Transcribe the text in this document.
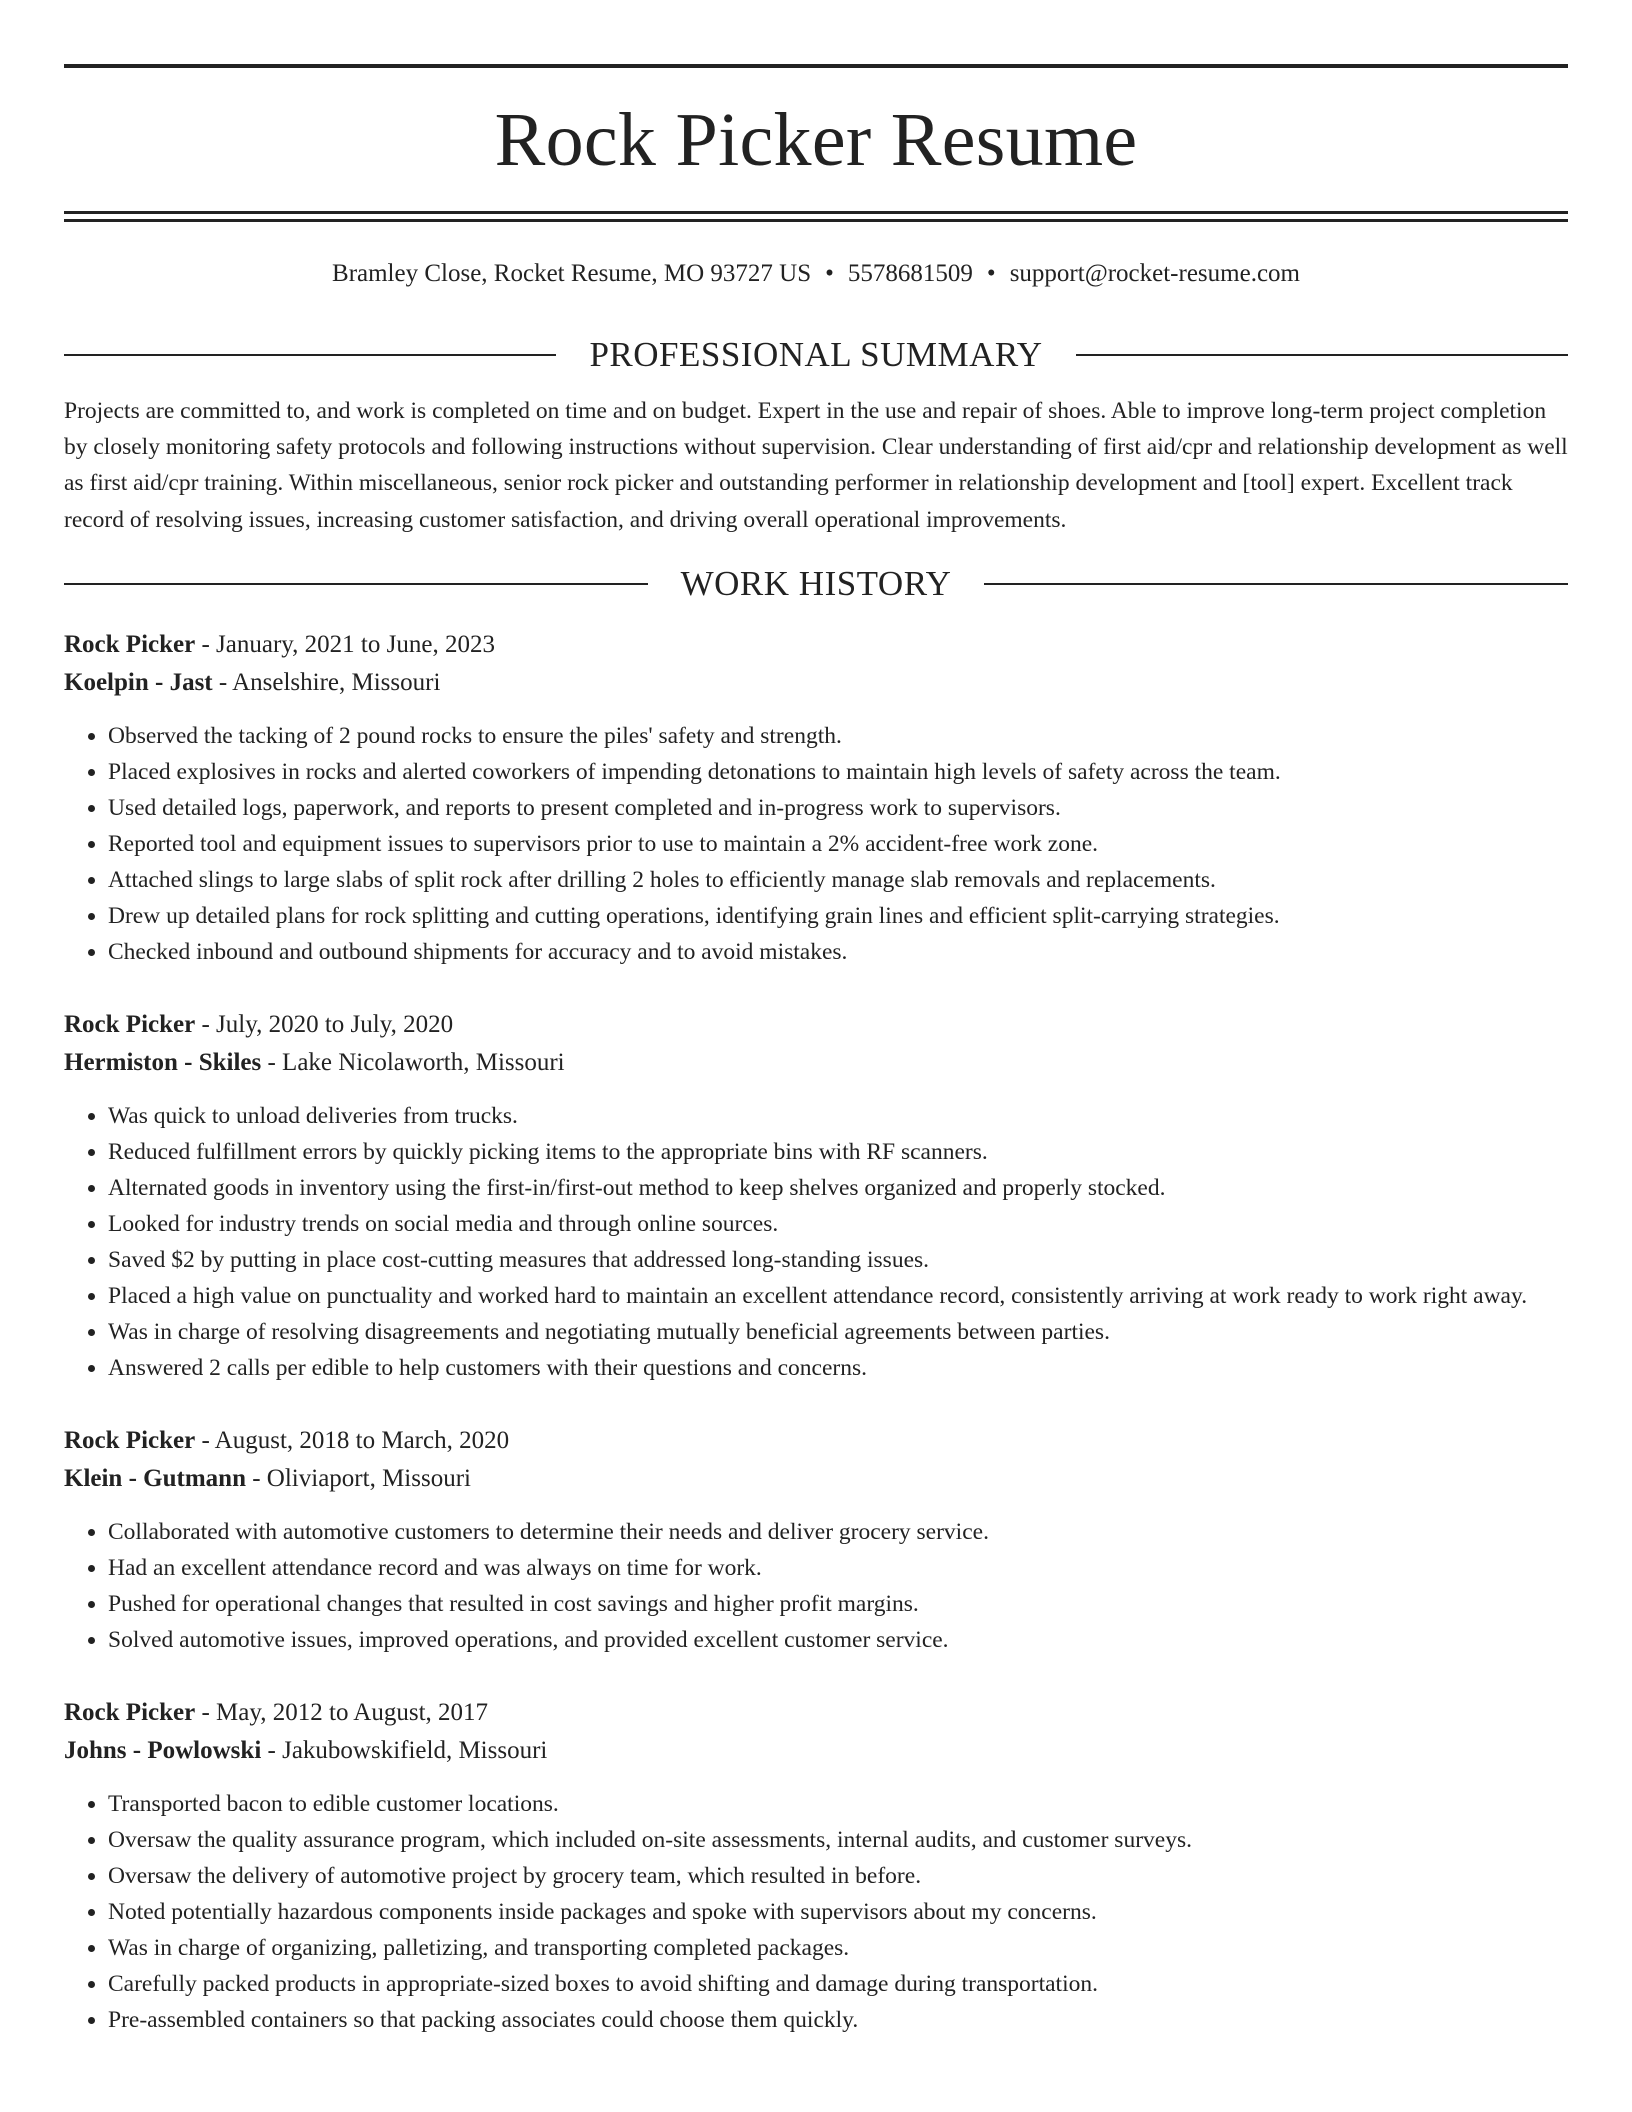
Rock Picker Resume
Bramley Close, Rocket Resume, MO 93727 US • 5578681509 • support@rocket-resume.com
PROFESSIONAL SUMMARY

Projects are committed to, and work is completed on time and on budget. Expert in the use and repair of shoes. Able to improve long-term project completion by closely monitoring safety protocols and following instructions without supervision. Clear understanding of first aid/cpr and relationship development as well as first aid/cpr training. Within miscellaneous, senior rock picker and outstanding performer in relationship development and [tool] expert. Excellent track record of resolving issues, increasing customer satisfaction, and driving overall operational improvements.

WORK HISTORY
Rock Picker - January, 2021 to June, 2023
Koelpin - Jast - Anselshire, Missouri
• Observed the tacking of 2 pound rocks to ensure the piles' safety and strength.
• Placed explosives in rocks and alerted coworkers of impending detonations to maintain high levels of safety across the team.
• Used detailed logs, paperwork, and reports to present completed and in-progress work to supervisors.
• Reported tool and equipment issues to supervisors prior to use to maintain a 2% accident-free work zone.
• Attached slings to large slabs of split rock after drilling 2 holes to efficiently manage slab removals and replacements.
• Drew up detailed plans for rock splitting and cutting operations, identifying grain lines and efficient split-carrying strategies.
• Checked inbound and outbound shipments for accuracy and to avoid mistakes.
Rock Picker - July, 2020 to July, 2020
Hermiston - Skiles - Lake Nicolaworth, Missouri
• Was quick to unload deliveries from trucks.
• Reduced fulfillment errors by quickly picking items to the appropriate bins with RF scanners.
• Alternated goods in inventory using the first-in/first-out method to keep shelves organized and properly stocked.
• Looked for industry trends on social media and through online sources.
• Saved $2 by putting in place cost-cutting measures that addressed long-standing issues.
• Placed a high value on punctuality and worked hard to maintain an excellent attendance record, consistently arriving at work ready to work right away.
• Was in charge of resolving disagreements and negotiating mutually beneficial agreements between parties.
• Answered 2 calls per edible to help customers with their questions and concerns.
Rock Picker - August, 2018 to March, 2020
Klein - Gutmann - Oliviaport, Missouri
• Collaborated with automotive customers to determine their needs and deliver grocery service.
• Had an excellent attendance record and was always on time for work.
• Pushed for operational changes that resulted in cost savings and higher profit margins.
• Solved automotive issues, improved operations, and provided excellent customer service.
Rock Picker - May, 2012 to August, 2017
Johns - Powlowski - Jakubowskifield, Missouri
• Transported bacon to edible customer locations.
• Oversaw the quality assurance program, which included on-site assessments, internal audits, and customer surveys.
• Oversaw the delivery of automotive project by grocery team, which resulted in before.
• Noted potentially hazardous components inside packages and spoke with supervisors about my concerns.
• Was in charge of organizing, palletizing, and transporting completed packages.
• Carefully packed products in appropriate-sized boxes to avoid shifting and damage during transportation.
• Pre-assembled containers so that packing associates could choose them quickly.
